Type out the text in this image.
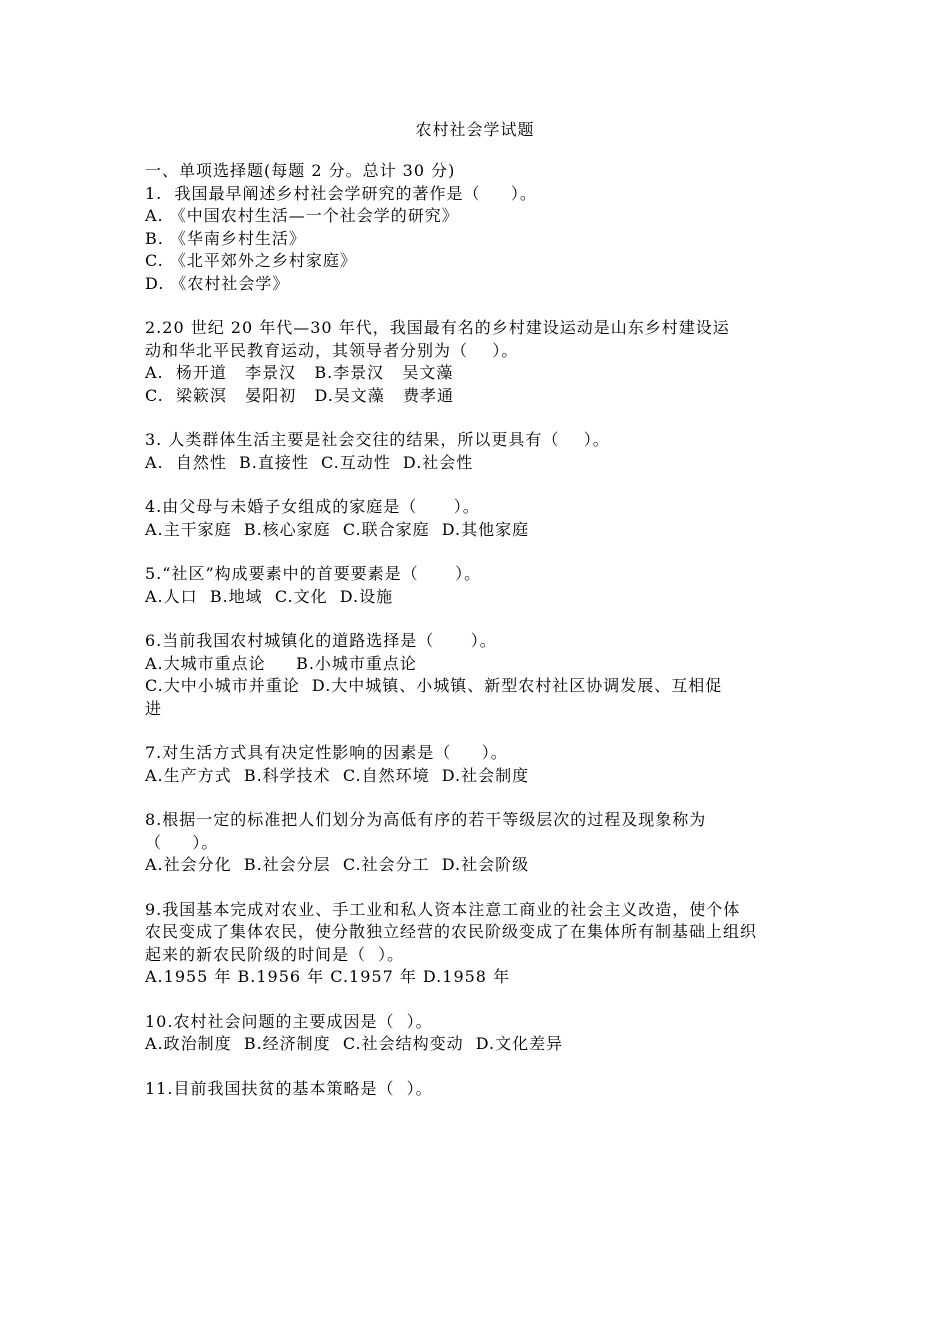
农村社会学试题
一、单项选择题(每题 2 分。总计 30 分)
1.  我国最早阐述乡村社会学研究的著作是（     ）。
A. 《中国农村生活—一个社会学的研究》
B. 《华南乡村生活》
C. 《北平郊外之乡村家庭》
D. 《农村社会学》
2.20 世纪 20 年代—30 年代，我国最有名的乡村建设运动是山东乡村建设运
动和华北平民教育运动，其领导者分别为（    ）。
A.  杨开道   李景汉   B.李景汉   吴文藻
C.  梁簌溟   晏阳初   D.吴文藻   费孝通
3. 人类群体生活主要是社会交往的结果，所以更具有（    ）。
A.  自然性  B.直接性  C.互动性  D.社会性
4.由父母与未婚子女组成的家庭是（      ）。
A.主干家庭  B.核心家庭  C.联合家庭  D.其他家庭
5.“社区”构成要素中的首要要素是（      ）。
A.人口  B.地域  C.文化  D.设施
6.当前我国农村城镇化的道路选择是（      ）。
A.大城市重点论     B.小城市重点论
C.大中小城市并重论  D.大中城镇、小城镇、新型农村社区协调发展、互相促
进
7.对生活方式具有决定性影响的因素是（     ）。
A.生产方式  B.科学技术  C.自然环境  D.社会制度
8.根据一定的标准把人们划分为高低有序的若干等级层次的过程及现象称为
（     ）。
A.社会分化  B.社会分层  C.社会分工  D.社会阶级
9.我国基本完成对农业、手工业和私人资本注意工商业的社会主义改造，使个体
农民变成了集体农民，使分散独立经营的农民阶级变成了在集体所有制基础上组织
起来的新农民阶级的时间是（  ）。
A.1955 年 B.1956 年 C.1957 年 D.1958 年
10.农村社会问题的主要成因是（  ）。
A.政治制度  B.经济制度  C.社会结构变动  D.文化差异
11.目前我国扶贫的基本策略是（  ）。
